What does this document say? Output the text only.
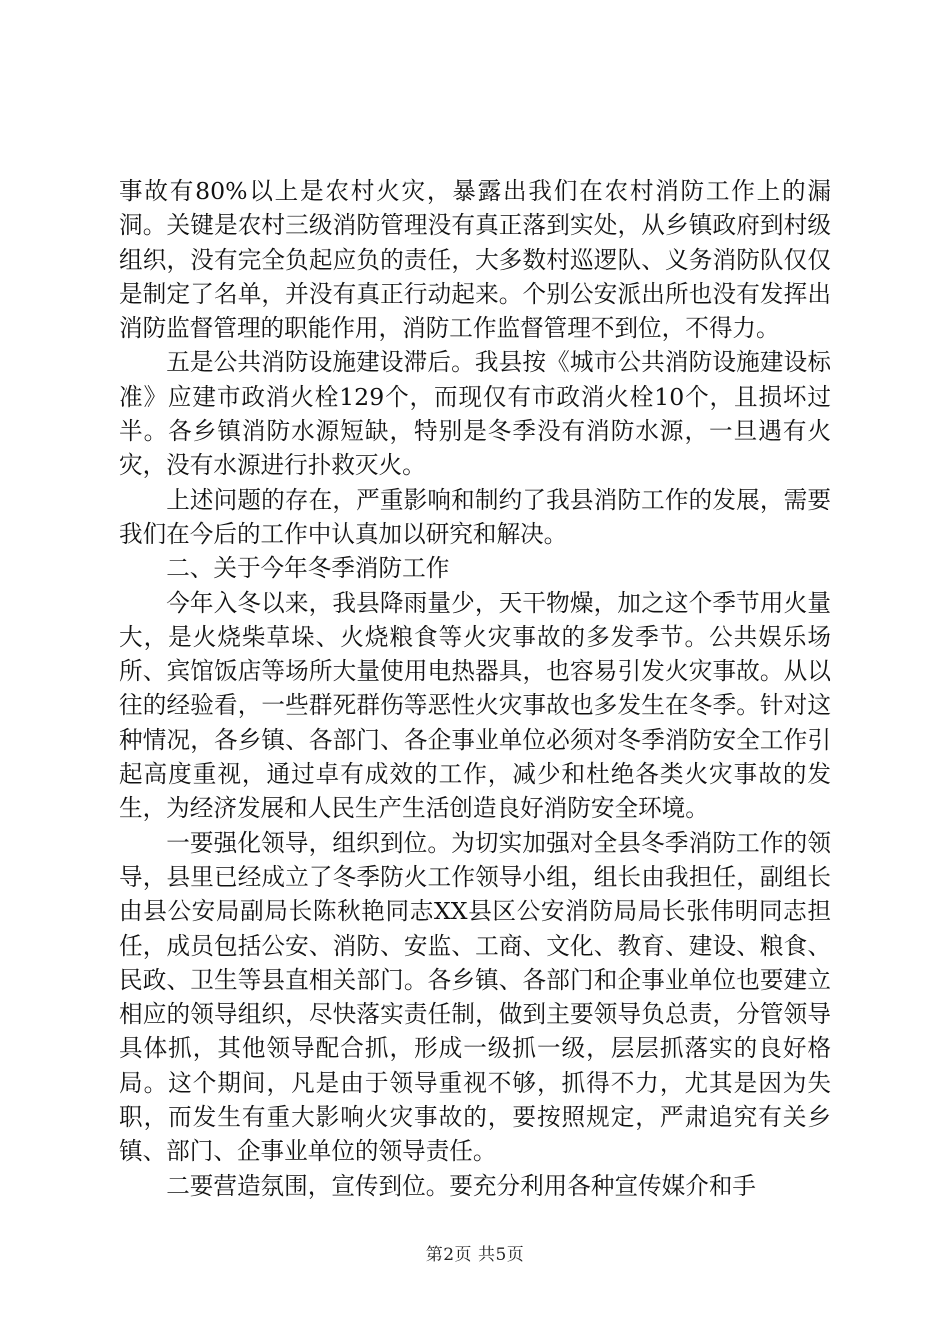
事故有80%以上是农村火灾，暴露出我们在农村消防工作上的漏洞。关键是农村三级消防管理没有真正落到实处，从乡镇政府到村级组织，没有完全负起应负的责任，大多数村巡逻队、义务消防队仅仅是制定了名单，并没有真正行动起来。个别公安派出所也没有发挥出消防监督管理的职能作用，消防工作监督管理不到位，不得力。

五是公共消防设施建设滞后。我县按《城市公共消防设施建设标准》应建市政消火栓129个，而现仅有市政消火栓10个，且损坏过半。各乡镇消防水源短缺，特别是冬季没有消防水源，一旦遇有火灾，没有水源进行扑救灭火。

上述问题的存在，严重影响和制约了我县消防工作的发展，需要我们在今后的工作中认真加以研究和解决。

二、关于今年冬季消防工作

今年入冬以来，我县降雨量少，天干物燥，加之这个季节用火量大，是火烧柴草垛、火烧粮食等火灾事故的多发季节。公共娱乐场所、宾馆饭店等场所大量使用电热器具，也容易引发火灾事故。从以往的经验看，一些群死群伤等恶性火灾事故也多发生在冬季。针对这种情况，各乡镇、各部门、各企事业单位必须对冬季消防安全工作引起高度重视，通过卓有成效的工作，减少和杜绝各类火灾事故的发生，为经济发展和人民生产生活创造良好消防安全环境。

一要强化领导，组织到位。为切实加强对全县冬季消防工作的领导，县里已经成立了冬季防火工作领导小组，组长由我担任，副组长由县公安局副局长陈秋艳同志XX县区公安消防局局长张伟明同志担任，成员包括公安、消防、安监、工商、文化、教育、建设、粮食、民政、卫生等县直相关部门。各乡镇、各部门和企事业单位也要建立相应的领导组织，尽快落实责任制，做到主要领导负总责，分管领导具体抓，其他领导配合抓，形成一级抓一级，层层抓落实的良好格局。这个期间，凡是由于领导重视不够，抓得不力，尤其是因为失职，而发生有重大影响火灾事故的，要按照规定，严肃追究有关乡镇、部门、企事业单位的领导责任。

二要营造氛围，宣传到位。要充分利用各种宣传媒介和手

第2页 共5页
